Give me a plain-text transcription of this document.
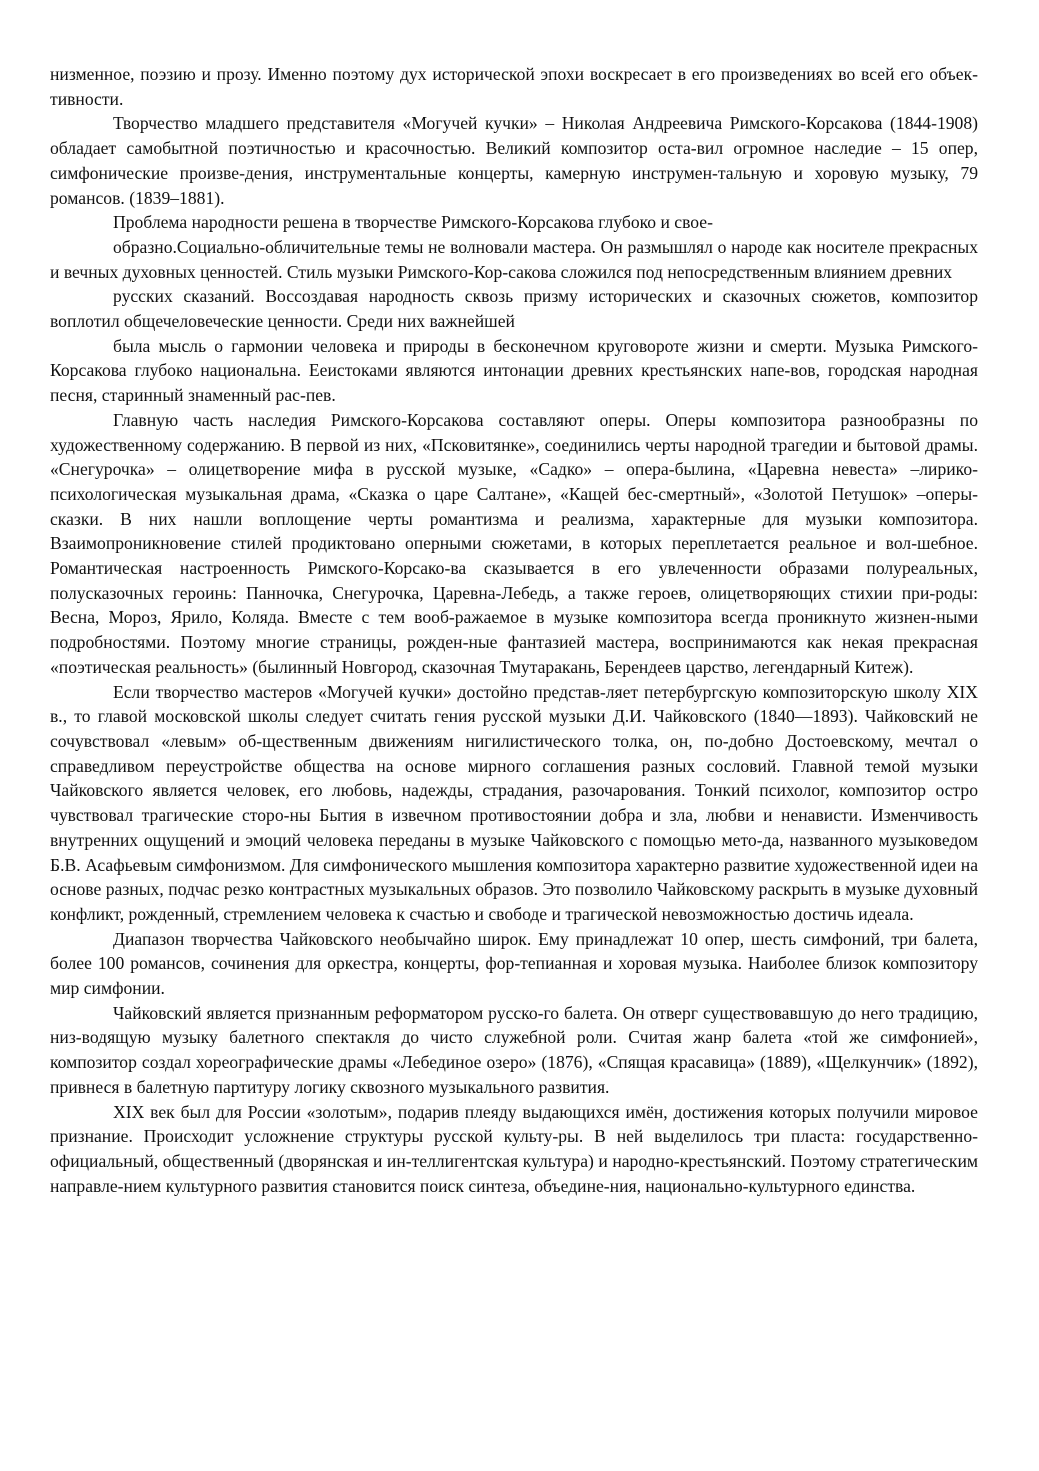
низменное, поэзию и прозу. Именно поэтому дух исторической эпохи воскресает в его произведениях во всей его объек-тивности.

Творчество младшего представителя «Могучей кучки» – Николая Андреевича Римского-Корсакова (1844-1908) обладает самобытной поэтичностью и красочностью. Великий композитор оста-вил огромное наследие – 15 опер, симфонические произве-дения, инструментальные концерты, камерную инструмен-тальную и хоровую музыку, 79 романсов. (1839–1881).

Проблема народности решена в творчестве Римского-Корсакова глубоко и свое-

образно.Социально-обличительные темы не волновали мастера. Он размышлял о народе как носителе прекрасных и вечных духовных ценностей. Стиль музыки Римского-Кор-сакова сложился под непосредственным влиянием древних

русских сказаний. Воссоздавая народность сквозь призму исторических и сказочных сюжетов, композитор воплотил общечеловеческие ценности. Среди них важнейшей

была мысль о гармонии человека и природы в бесконечном круговороте жизни и смерти. Музыка Римского-Корсакова глубоко национальна. Еeистоками являются интонации древних крестьянских напе-вов, городская народная песня, старинный знаменный рас-пев.

Главную часть наследия Римского-Корсакова составляют оперы. Оперы композитора разнообразны по художественному содержанию. В первой из них, «Псковитянке», соединились черты народной трагедии и бытовой драмы. «Снегурочка» – олицетворение мифа в русской музыке, «Садко» – опера-былина, «Царевна невеста» –лирико-психологическая музыкальная драма, «Сказка о царе Салтане», «Кащей бес-смертный», «Золотой Петушок» –оперы-сказки. В них нашли воплощение черты романтизма и реализма, характерные для музыки композитора. Взаимопроникновение стилей продиктовано оперными сюжетами, в которых переплетается реальное и вол-шебное. Романтическая настроенность Римского-Корсако-ва сказывается в его увлеченности образами полуреальных, полусказочных героинь: Панночка, Снегурочка, Царевна-Лебедь, а также героев, олицетворяющих стихии при-роды: Весна, Мороз, Ярило, Коляда. Вместе с тем вооб-ражаемое в музыке композитора всегда проникнуто жизнен-ными подробностями. Поэтому многие страницы, рожден-ные фантазией мастера, воспринимаются как некая прекрасная «поэтическая реальность» (былинный Новгород, сказочная Тмутаракань, Берендеев царство, легендарный Китеж).

Если творчество мастеров «Могучей кучки» достойно представ-ляет петербургскую композиторскую школу XIX в., то главой московской школы следует считать гения русской музыки Д.И. Чайковского (1840—1893). Чайковский не сочувствовал «левым» об-щественным движениям нигилистического толка, он, по-добно Достоевскому, мечтал о справедливом переустройстве общества на основе мирного соглашения разных сословий. Главной темой музыки Чайковского является человек, его любовь, надежды, страдания, разочарования. Тонкий психолог, композитор остро чувствовал трагические сторо-ны Бытия в извечном противостоянии добра и зла, любви и ненависти. Изменчивость внутренних ощущений и эмоций человека переданы в музыке Чайковского с помощью мето-да, названного музыковедом Б.В. Асафьевым симфонизмом. Для симфонического мышления композитора характерно развитие художественной идеи на основе разных, подчас резко контрастных музыкальных образов. Это позволило Чайковскому раскрыть в музыке духовный конфликт, рожденный, стремлением человека к счастью и свободе и трагической невозможностью достичь идеала.

Диапазон творчества Чайковского необычайно широк. Ему принадлежат 10 опер, шесть симфоний, три балета, более 100 романсов, сочинения для оркестра, концерты, фор-тепианная и хоровая музыка. Наиболее близок композитору мир симфонии.

Чайковский является признанным реформатором русско-го балета. Он отверг существовавшую до него традицию, низ-водящую музыку балетного спектакля до чисто служебной роли. Считая жанр балета «той же симфонией», композитор создал хореографические драмы «Лебединое озеро» (1876), «Спящая красавица» (1889), «Щелкунчик» (1892), привнеся в балетную партитуру логику сквозного музыкального развития.

XIX век был для России «золотым», подарив плеяду выдающихся имён, достижения которых получили мировое признание. Происходит усложнение структуры русской культу-ры. В ней выделилось три пласта: государственно-официальный, общественный (дворянская и ин-теллигентская культура) и народно-крестьянский. Поэтому стратегическим направле-нием культурного развития становится поиск синтеза, объедине-ния, национально-культурного единства.
